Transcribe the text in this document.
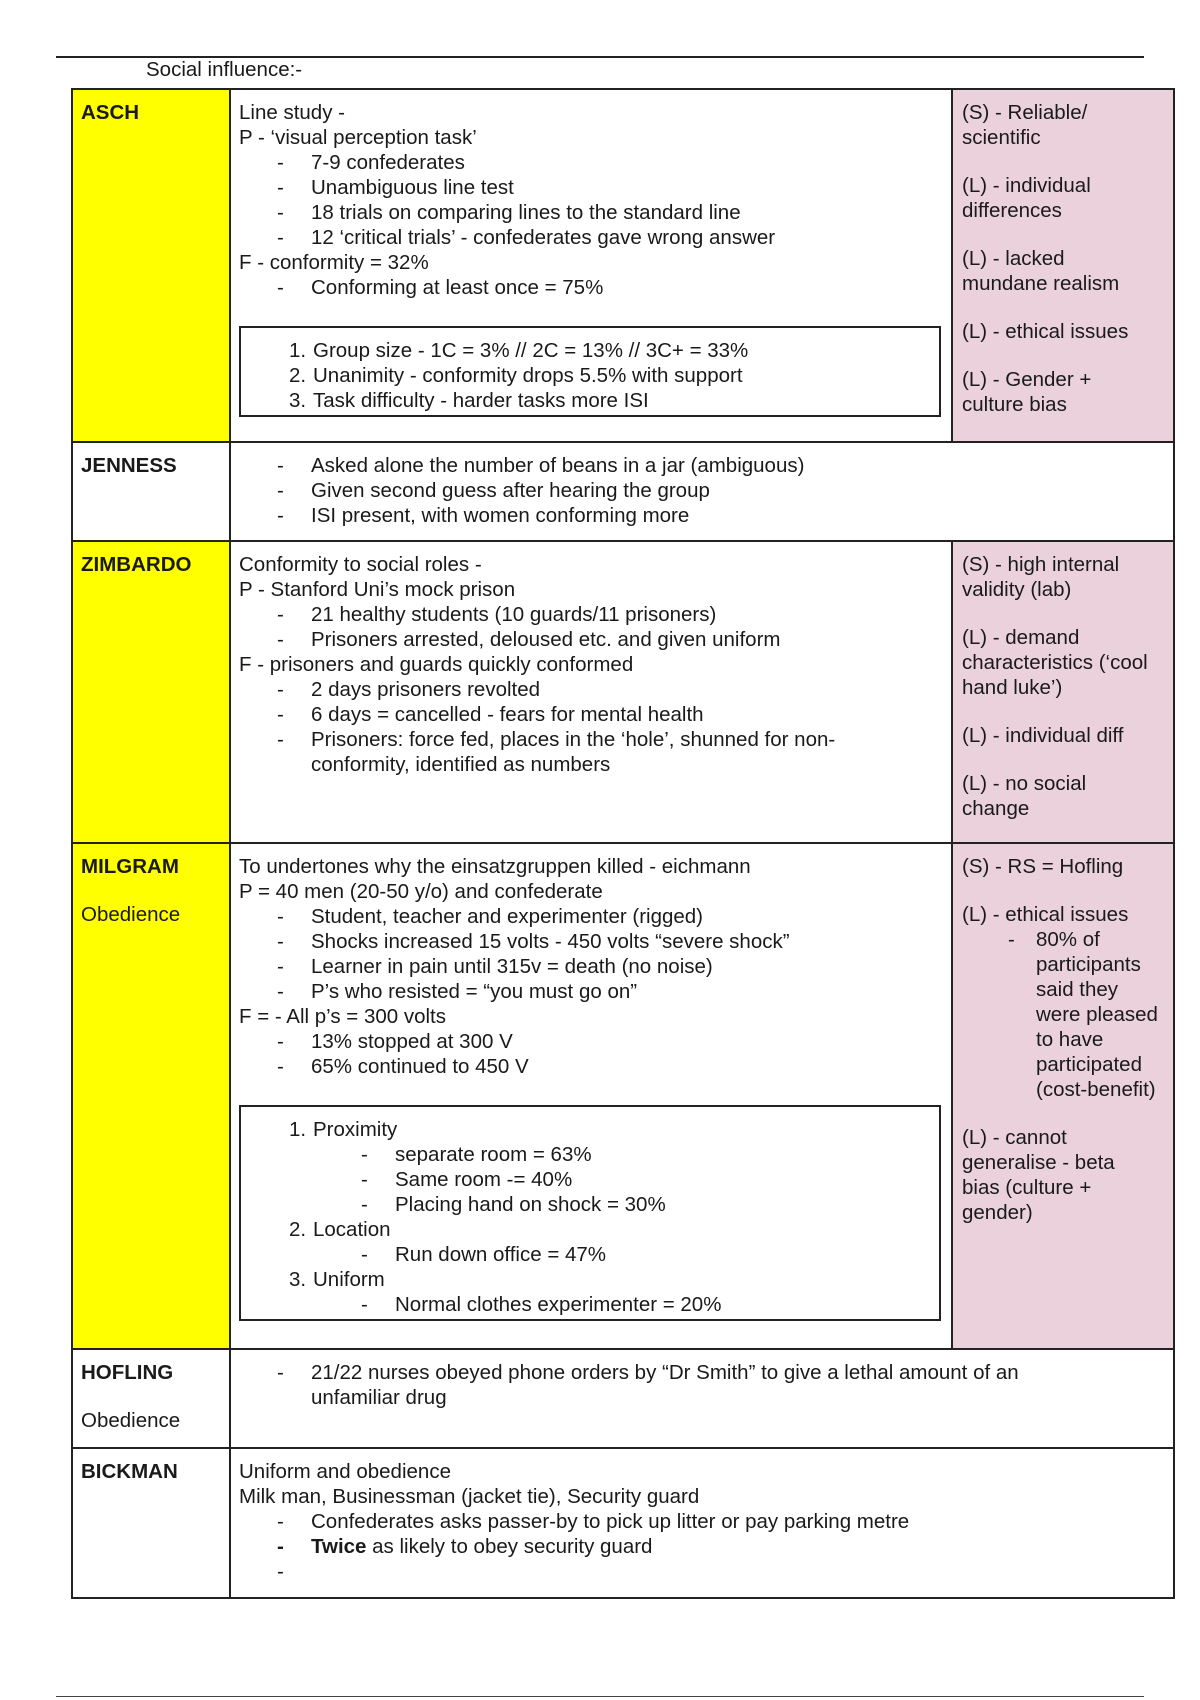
Social influence:-
ASCH	Line study -
P - ‘visual perception task’
- 7-9 confederates
- Unambiguous line test
- 18 trials on comparing lines to the standard line
- 12 ‘critical trials’ - confederates gave wrong answer
F - conformity = 32%
- Conforming at least once = 75%
1. Group size - 1C = 3% // 2C = 13% // 3C+ = 33%
2. Unanimity - conformity drops 5.5% with support
3. Task difficulty - harder tasks more ISI
(S) - Reliable/ scientific
(L) - individual differences
(L) - lacked mundane realism
(L) - ethical issues
(L) - Gender + culture bias
JENNESS
-	Asked alone the number of beans in a jar (ambiguous)
- Given second guess after hearing the group
- ISI present, with women conforming more
ZIMBARDO	Conformity to social roles -
P - Stanford Uni’s mock prison
- 21 healthy students (10 guards/11 prisoners)
- Prisoners arrested, deloused etc. and given uniform
F - prisoners and guards quickly conformed
- 2 days prisoners revolted
- 6 days = cancelled - fears for mental health
- Prisoners: force fed, places in the ‘hole’, shunned for non-
conformity, identified as numbers
(S) - high internal validity (lab)
(L) - demand characteristics (‘cool hand luke’)
(L) - individual diff
(L) - no social change
MILGRAM
Obedience
To undertones why the einsatzgruppen killed - eichmann
P = 40 men (20-50 y/o) and confederate
- Student, teacher and experimenter (rigged)
- Shocks increased 15 volts - 450 volts “severe shock”
- Learner in pain until 315v = death (no noise)
- P’s who resisted = “you must go on”
F = - All p’s = 300 volts
- 13% stopped at 300 V
- 65% continued to 450 V
1. Proximity
- separate room = 63%
- Same room -= 40%
- Placing hand on shock = 30%
2. Location
- Run down office = 47%
3. Uniform
- Normal clothes experimenter = 20%
(S) - RS = Hofling
(L) - ethical issues
- 80% of participants said they were pleased to have participated (cost-benefit)
(L) - cannot generalise - beta bias (culture + gender)
HOFLING
Obedience
- 21/22 nurses obeyed phone orders by “Dr Smith” to give a lethal amount of an
unfamiliar drug
BICKMAN	Uniform and obedience
Milk man, Businessman (jacket tie), Security guard
- Confederates asks passer-by to pick up litter or pay parking metre
- Twice as likely to obey security guard
-
